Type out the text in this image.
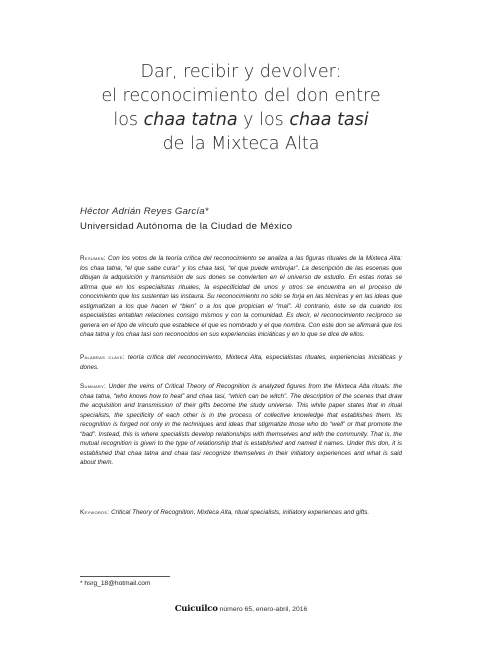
Dar, recibir y devolver:
el reconocimiento del don entre
los chaa tatna y los chaa tasi
de la Mixteca Alta
Héctor Adrián Reyes García*
Universidad Autónoma de la Ciudad de México
Resumen: Con los votos de la teoría crítica del reconocimiento se analiza a las figuras rituales de la Mixteca Alta: los chaa tatna, “el que sabe curar” y los chaa tasi, “el que puede embrujar”. La descripción de las escenas que dibujan la adquisición y transmisión de sus dones se convierten en el universo de estudio. En estas notas se afirma que en los especialistas rituales, la especificidad de unos y otros se encuentra en el proceso de conocimiento que los sustentan las instaura. Su reconocimiento no sólo se forja en las técnicas y en las ideas que estigmatizan a los que hacen el “bien” o a los que propician el “mal”. Al contrario, éste se da cuando los especialistas entablan relaciones consigo mismos y con la comunidad. Es decir, el reconocimiento recíproco se genera en el tipo de vínculo que establece el que es nombrado y el que nombra. Con este don se afirmará que los chaa tatna y los chaa tasi son reconocidos en sus experiencias iniciáticas y en lo que se dice de ellos.
Palabras clave: teoría crítica del reconocimiento, Mixteca Alta, especialistas rituales, experiencias iniciáticas y dones.
Summary: Under the veins of Critical Theory of Recognition is analyzed figures from the Mixteca Alta rituals: the chaa tatna, “who knows how to heal” and chaa tasi, “which can be witch”. The description of the scenes that draw the acquisition and transmission of their gifts become the study universe. This white paper states that in ritual specialists, the specificity of each other is in the process of collective knowledge that establishes them. Its recognition is forged not only in the techniques and ideas that stigmatize those who do “well” or that promote the “bad”. Instead, this is where specialists develop relationships with themselves and with the community. That is, the mutual recognition is given to the type of relationship that is established and named it names. Under this don, it is established that chaa tatna and chaa tasi recognize themselves in their initiatory experiences and what is said about them.
Keywords: Critical Theory of Recognition, Mixteca Alta, ritual specialists, initiatory experiences and gifts.
* hsrg_18@hotmail.com
Cuicuilco número 65, enero-abril, 2016
